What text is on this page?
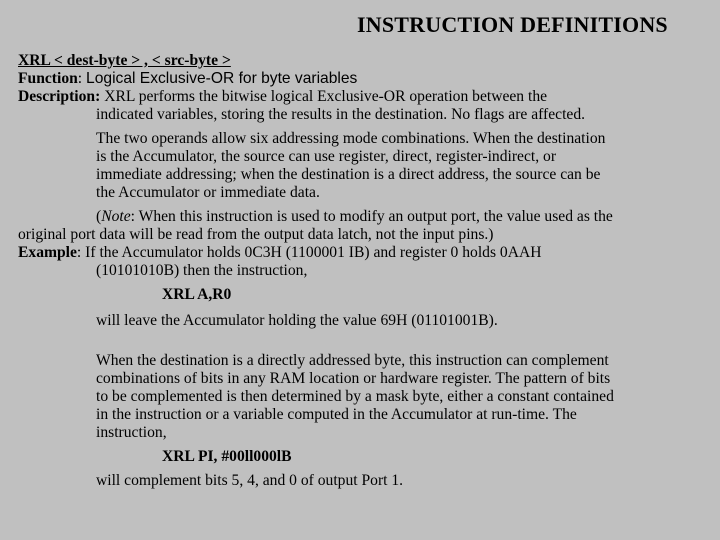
INSTRUCTION DEFINITIONS
XRL < dest-byte > , < src-byte >
Function: Logical Exclusive-OR for byte variables
Description: XRL performs the bitwise logical Exclusive-OR operation between the
indicated variables, storing the results in the destination. No flags are affected.
The two operands allow six addressing mode combinations. When the destination
is the Accumulator, the source can use register, direct, register-indirect, or
immediate addressing; when the destination is a direct address, the source can be
the Accumulator or immediate data.
(Note: When this instruction is used to modify an output port, the value used as the
original port data will be read from the output data latch, not the input pins.)
Example: If the Accumulator holds 0C3H (1100001 IB) and register 0 holds 0AAH
(10101010B) then the instruction,
XRL A,R0
will leave the Accumulator holding the value 69H (01101001B).
When the destination is a directly addressed byte, this instruction can complement
combinations of bits in any RAM location or hardware register. The pattern of bits
to be complemented is then determined by a mask byte, either a constant contained
in the instruction or a variable computed in the Accumulator at run-time. The
instruction,
XRL PI, #00ll000lB
will complement bits 5, 4, and 0 of output Port 1.
